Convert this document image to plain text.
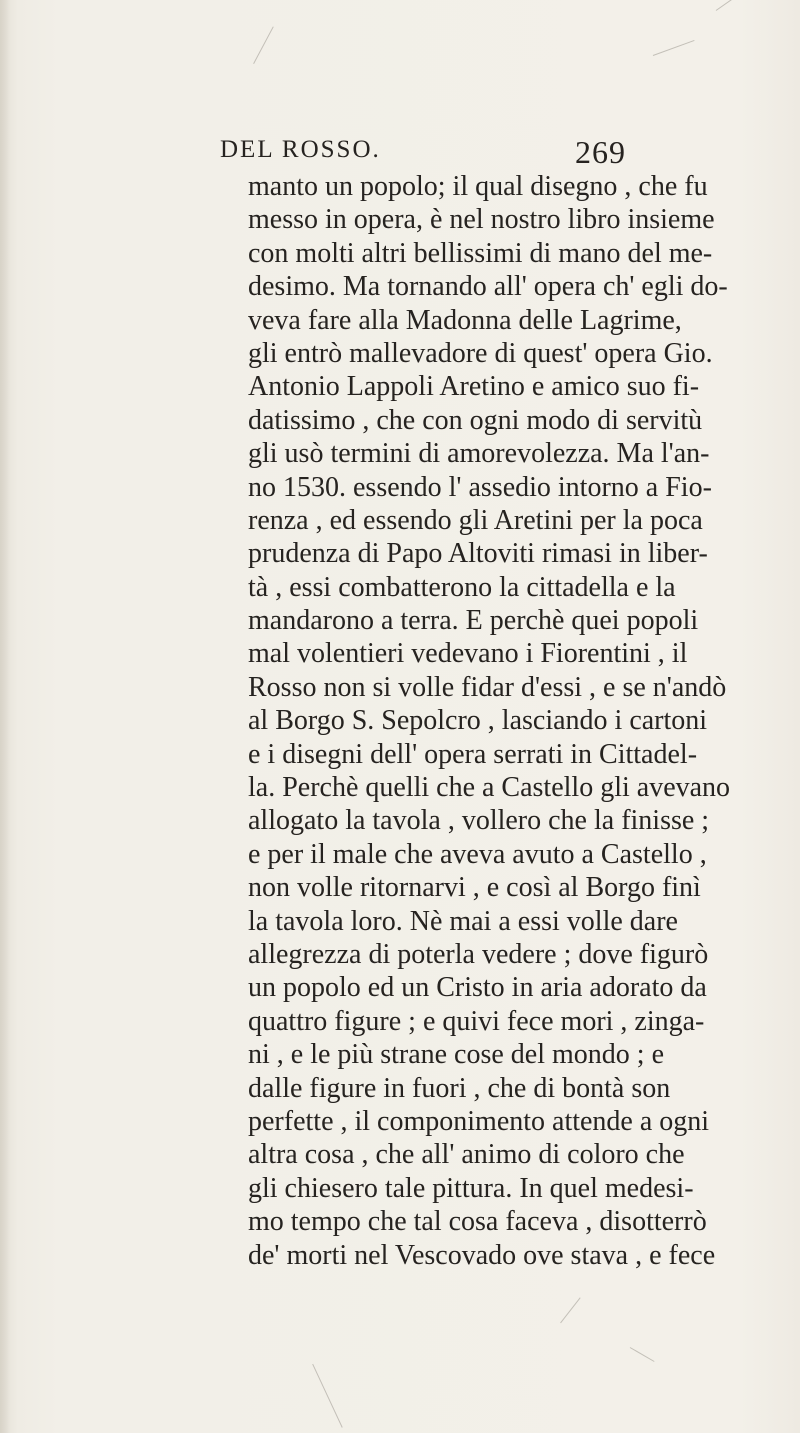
DEL ROSSO.	269
manto un popolo; il qual disegno , che fu
messo in opera, è nel nostro libro insieme
con molti altri bellissimi di mano del me-
desimo. Ma tornando all' opera ch' egli do-
veva fare alla Madonna delle Lagrime,
gli entrò mallevadore di quest' opera Gio.
Antonio Lappoli Aretino e amico suo fi-
datissimo , che con ogni modo di servitù
gli usò termini di amorevolezza. Ma l'an-
no 1530. essendo l' assedio intorno a Fio-
renza , ed essendo gli Aretini per la poca
prudenza di Papo Altoviti rimasi in liber-
tà , essi combatterono la cittadella e la
mandarono a terra. E perchè quei popoli
mal volentieri vedevano i Fiorentini , il
Rosso non si volle fidar d'essi , e se n'andò
al Borgo S. Sepolcro , lasciando i cartoni
e i disegni dell' opera serrati in Cittadel-
la. Perchè quelli che a Castello gli avevano
allogato la tavola , vollero che la finisse ;
e per il male che aveva avuto a Castello ,
non volle ritornarvi , e così al Borgo finì
la tavola loro. Nè mai a essi volle dare
allegrezza di poterla vedere ; dove figurò
un popolo ed un Cristo in aria adorato da
quattro figure ; e quivi fece mori , zinga-
ni , e le più strane cose del mondo ; e
dalle figure in fuori , che di bontà son
perfette , il componimento attende a ogni
altra cosa , che all' animo di coloro che
gli chiesero tale pittura. In quel medesi-
mo tempo che tal cosa faceva , disotterrò
de' morti nel Vescovado ove stava , e fece
